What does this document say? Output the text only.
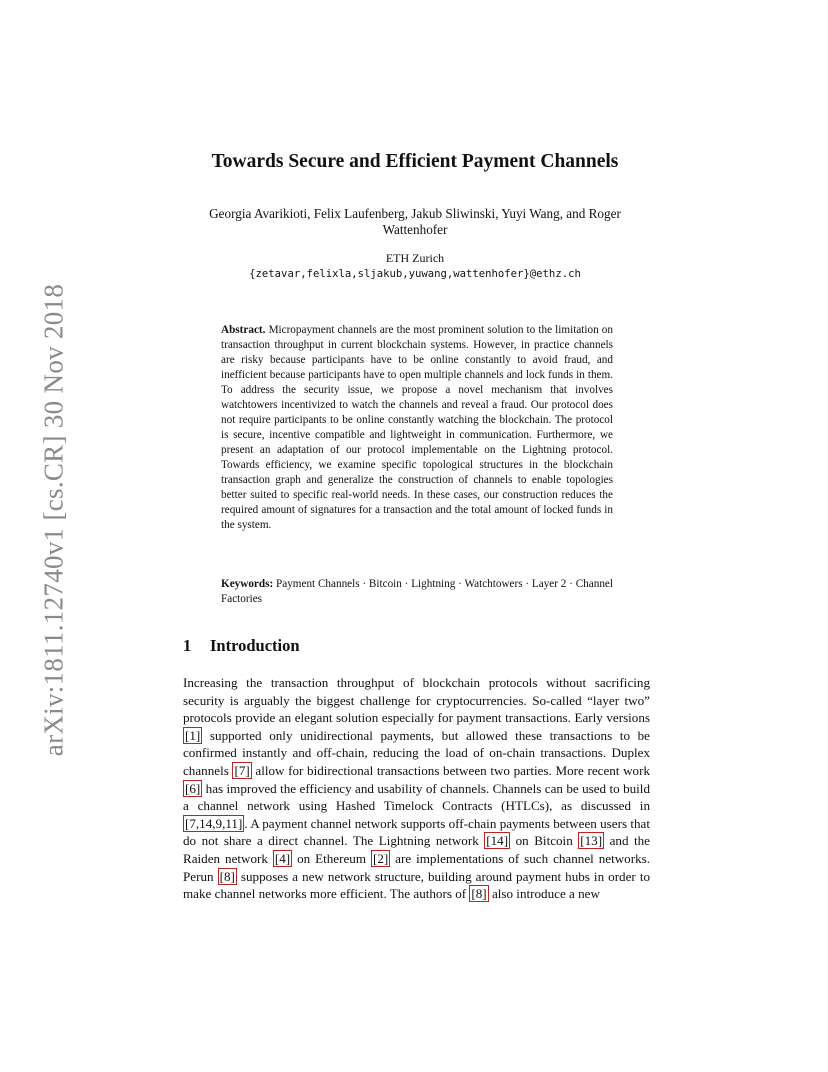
arXiv:1811.12740v1 [cs.CR] 30 Nov 2018
Towards Secure and Efficient Payment Channels
Georgia Avarikioti, Felix Laufenberg, Jakub Sliwinski, Yuyi Wang, and Roger Wattenhofer
ETH Zurich
{zetavar,felixla,sljakub,yuwang,wattenhofer}@ethz.ch
Abstract. Micropayment channels are the most prominent solution to the limitation on transaction throughput in current blockchain systems. However, in practice channels are risky because participants have to be online constantly to avoid fraud, and inefficient because participants have to open multiple channels and lock funds in them. To address the security issue, we propose a novel mechanism that involves watchtowers incentivized to watch the channels and reveal a fraud. Our protocol does not require participants to be online constantly watching the blockchain. The protocol is secure, incentive compatible and lightweight in communication. Furthermore, we present an adaptation of our protocol implementable on the Lightning protocol. Towards efficiency, we examine specific topological structures in the blockchain transaction graph and generalize the construction of channels to enable topologies better suited to specific real-world needs. In these cases, our construction reduces the required amount of signatures for a transaction and the total amount of locked funds in the system.
Keywords: Payment Channels · Bitcoin · Lightning · Watchtowers · Layer 2 · Channel Factories
1 Introduction
Increasing the transaction throughput of blockchain protocols without sacrificing security is arguably the biggest challenge for cryptocurrencies. So-called “layer two” protocols provide an elegant solution especially for payment transactions. Early versions [1] supported only unidirectional payments, but allowed these transactions to be confirmed instantly and off-chain, reducing the load of on-chain transactions. Duplex channels [7] allow for bidirectional transactions between two parties. More recent work [6] has improved the efficiency and usability of channels. Channels can be used to build a channel network using Hashed Timelock Contracts (HTLCs), as discussed in [7,14,9,11] . A payment channel network supports off-chain payments between users that do not share a direct channel. The Lightning network [14] on Bitcoin [13] and the Raiden network [4] on Ethereum [2] are implementations of such channel networks. Perun [8] supposes a new network structure, building around payment hubs in order to make channel networks more efficient. The authors of [8] also introduce a new
